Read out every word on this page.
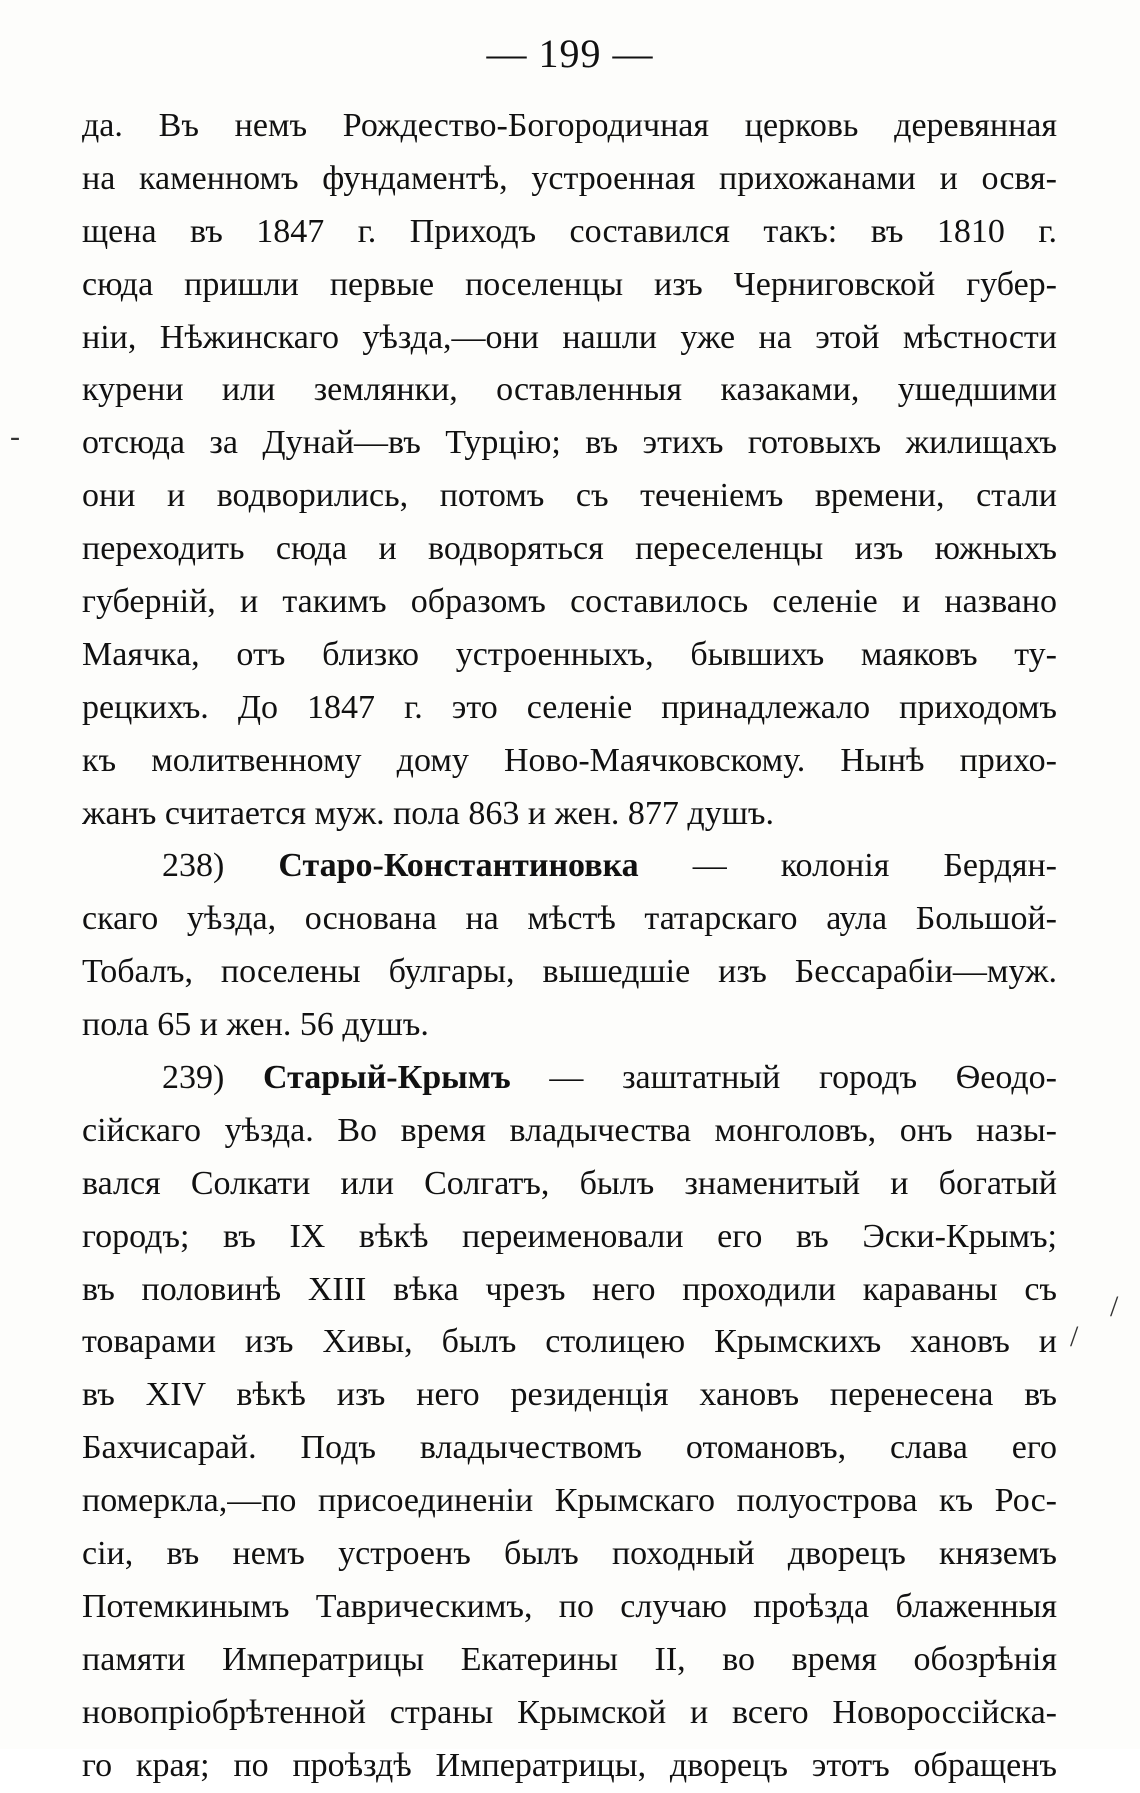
— 199 —
да. Въ немъ Рождество-Богородичная церковь деревянная
на каменномъ фундаментѣ, устроенная прихожанами и освя-
щена въ 1847 г. Приходъ составился такъ: въ 1810 г.
сюда пришли первые поселенцы изъ Черниговской губер-
ніи, Нѣжинскаго уѣзда,—они нашли уже на этой мѣстности
курени или землянки, оставленныя казаками, ушедшими
отсюда за Дунай—въ Турцію; въ этихъ готовыхъ жилищахъ
они и водворились, потомъ съ теченіемъ времени, стали
переходить сюда и водворяться переселенцы изъ южныхъ
губерній, и такимъ образомъ составилось селеніе и названо
Маячка, отъ близко устроенныхъ, бывшихъ маяковъ ту-
рецкихъ. До 1847 г. это селеніе принадлежало приходомъ
къ молитвенному дому Ново-Маячковскому. Нынѣ прихо-
жанъ считается муж. пола 863 и жен. 877 душъ.
238) Старо-Константиновка — колонія Бердян-
скаго уѣзда, основана на мѣстѣ татарскаго аула Большой-
Тобалъ, поселены булгары, вышедшіе изъ Бессарабіи—муж.
пола 65 и жен. 56 душъ.
239) Старый-Крымъ — заштатный городъ Ѳеодо-
сійскаго уѣзда. Во время владычества монголовъ, онъ назы-
вался Солкати или Солгатъ, былъ знаменитый и богатый
городъ; въ IX вѣкѣ переименовали его въ Эски-Крымъ;
въ половинѣ XIII вѣка чрезъ него проходили караваны съ
товарами изъ Хивы, былъ столицею Крымскихъ хановъ и
въ XIV вѣкѣ изъ него резиденція хановъ перенесена въ
Бахчисарай. Подъ владычествомъ отомановъ, слава его
померкла,—по присоединеніи Крымскаго полуострова къ Рос-
сіи, въ немъ устроенъ былъ походный дворецъ княземъ
Потемкинымъ Таврическимъ, по случаю проѣзда блаженныя
памяти Императрицы Екатерины II, во время обозрѣнія
новопріобрѣтенной страны Крымской и всего Новороссійска-
го края; по проѣздѣ Императрицы, дворецъ этотъ обращенъ
-
/
/
